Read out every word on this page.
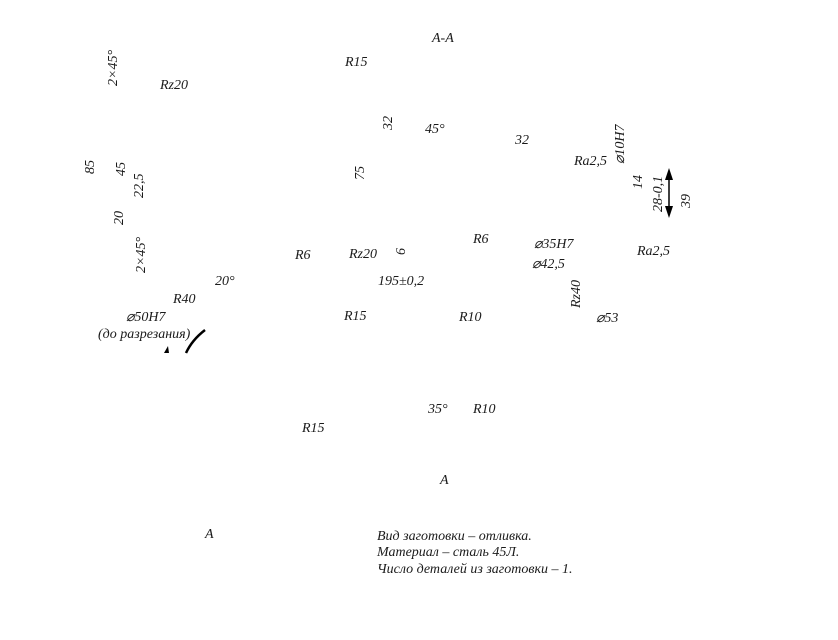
A-A
2×45°	Rz20
R15
32 45°
32
Ra2,5 ⌀10H7
14 28-0,1 39
85 45
22,5
75
20
2×45°	R6	Rz20 6
R6	⌀35H7
⌀42,5
Ra2,5
20°	195±0,2	Rz40
R40
⌀50H7
(до разрезания)
R15	R10	⌀53
35° R10
R15
A
A	Вид заготовки – отливка.
Материал – сталь 45Л.
Число деталей из заготовки – 1.
